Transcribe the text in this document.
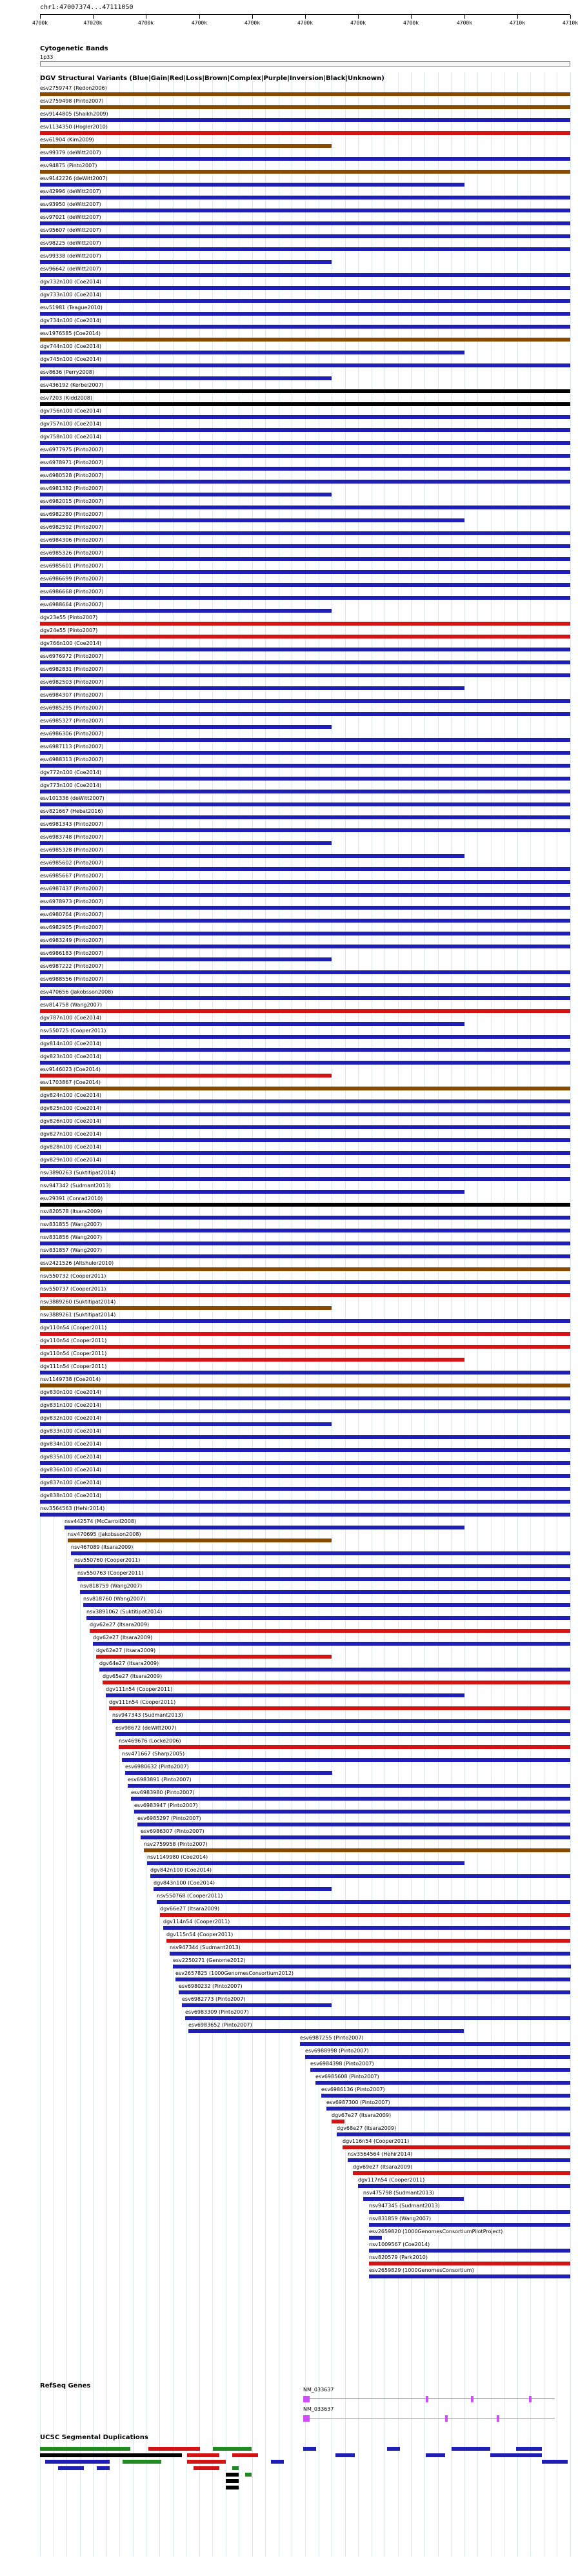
chr1:47007374...47111050
4700k	47020k	4700k	4700k	4700k	4700k	4700k	4700k	4700k	4710k	4710k
Cytogenetic Bands
1p33
DGV Structural Variants (Blue|Gain|Red|Loss|Brown|Complex|Purple|Inversion|Black|Unknown)
esv2759747 (Redon2006)
esv2759498 (Pinto2007)
esv9144805 (Shaikh2009)
esv1134350 (Hogler2010)
esv61904 (Kim2009)
esv99379 (deWitt2007)
esv94875 (Pinto2007)
esv9142226 (deWitt2007)
esv42996 (deWitt2007)
esv93950 (deWitt2007)
esv97021 (deWitt2007)
esv95607 (deWitt2007)
esv98225 (deWitt2007)
esv99338 (deWitt2007)
esv96642 (deWitt2007)
dgv732n100 (Coe2014)
dgv733n100 (Coe2014)
esv51981 (Teague2010)
dgv734n100 (Coe2014)
esv1976585 (Coe2014)
dgv744n100 (Coe2014)
dgv745n100 (Coe2014)
esv8636 (Perry2008)
esv436192 (Kerbel2007)
esv7203 (Kidd2008)
dgv756n100 (Coe2014)
dgv757n100 (Coe2014)
dgv758n100 (Coe2014)
esv6977975 (Pinto2007)
esv6978971 (Pinto2007)
esv6980528 (Pinto2007)
esv6981382 (Pinto2007)
esv6982015 (Pinto2007)
esv6982280 (Pinto2007)
esv6982592 (Pinto2007)
esv6984306 (Pinto2007)
esv6985326 (Pinto2007)
esv6985601 (Pinto2007)
esv6986699 (Pinto2007)
esv6986668 (Pinto2007)
esv6988664 (Pinto2007)
dgv23e55 (Pinto2007)
dgv24e55 (Pinto2007)
dgv766n100 (Coe2014)
esv6976972 (Pinto2007)
esv6982831 (Pinto2007)
esv6982503 (Pinto2007)
esv6984307 (Pinto2007)
esv6985295 (Pinto2007)
esv6985327 (Pinto2007)
esv6986306 (Pinto2007)
esv6987113 (Pinto2007)
esv6988313 (Pinto2007)
dgv772n100 (Coe2014)
dgv773n100 (Coe2014)
esv101336 (deWitt2007)
esv821667 (Hebat2016)
esv6981343 (Pinto2007)
esv6983748 (Pinto2007)
esv6985328 (Pinto2007)
esv6985602 (Pinto2007)
esv6985667 (Pinto2007)
esv6987437 (Pinto2007)
esv6978973 (Pinto2007)
esv6980764 (Pinto2007)
esv6982905 (Pinto2007)
esv6983249 (Pinto2007)
esv6986183 (Pinto2007)
esv6987222 (Pinto2007)
esv6988556 (Pinto2007)
esv470656 (Jakobsson2008)
esv814758 (Wang2007)
dgv787n100 (Coe2014)
nsv550725 (Cooper2011)
dgv814n100 (Coe2014)
dgv823n100 (Coe2014)
esv9146023 (Coe2014)
esv1703867 (Coe2014)
dgv824n100 (Coe2014)
dgv825n100 (Coe2014)
dgv826n100 (Coe2014)
dgv827n100 (Coe2014)
dgv828n100 (Coe2014)
dgv829n100 (Coe2014)
nsv3890263 (Suktitipat2014)
nsv947342 (Sudmant2013)
esv29391 (Conrad2010)
nsv820578 (Itsara2009)
nsv831855 (Wang2007)
nsv831856 (Wang2007)
nsv831857 (Wang2007)
esv2421526 (Altshuler2010)
nsv550732 (Cooper2011)
nsv550737 (Cooper2011)
nsv3889260 (Suktitipat2014)
nsv3889261 (Suktitipat2014)
dgv110n54 (Cooper2011)
dgv110n54 (Cooper2011)
dgv110n54 (Cooper2011)
dgv111n54 (Cooper2011)
nsv1149738 (Coe2014)
dgv830n100 (Coe2014)
dgv831n100 (Coe2014)
dgv832n100 (Coe2014)
dgv833n100 (Coe2014)
dgv834n100 (Coe2014)
dgv835n100 (Coe2014)
dgv836n100 (Coe2014)
dgv837n100 (Coe2014)
dgv838n100 (Coe2014)
nsv3564563 (Hehir2014)
nsv442574 (McCarroll2008)
nsv470695 (Jakobsson2008)
nsv467089 (Itsara2009)
nsv550760 (Cooper2011)
nsv550763 (Cooper2011)
nsv818759 (Wang2007)
nsv818760 (Wang2007)
nsv3891062 (Suktitipat2014)
dgv62e27 (Itsara2009)
dgv62e27 (Itsara2009)
dgv62e27 (Itsara2009)
dgv64e27 (Itsara2009)
dgv65e27 (Itsara2009)
dgv111n54 (Cooper2011)
dgv111n54 (Cooper2011)
nsv947343 (Sudmant2013)
esv98672 (deWitt2007)
nsv469676 (Locke2006)
nsv471667 (Sharp2005)
esv6980632 (Pinto2007)
esv6983891 (Pinto2007)
esv6983980 (Pinto2007)
esv6983947 (Pinto2007)
esv6985297 (Pinto2007)
esv6986307 (Pinto2007)
nsv2759958 (Pinto2007)
nsv1149980 (Coe2014)
dgv842n100 (Coe2014)
dgv843n100 (Coe2014)
nsv550768 (Cooper2011)
dgv66e27 (Itsara2009)
dgv114n54 (Cooper2011)
dgv115n54 (Cooper2011)
nsv947344 (Sudmant2013)
esv2250271 (Genome2012)
esv2657825 (1000GenomesConsortium2012)
esv6980232 (Pinto2007)
esv6982773 (Pinto2007)
esv6983309 (Pinto2007)
esv6983652 (Pinto2007)
esv6987255 (Pinto2007)
esv6988998 (Pinto2007)
esv6984398 (Pinto2007)
esv6985608 (Pinto2007)
esv6986136 (Pinto2007)
esv6987300 (Pinto2007)
dgv67e27 (Itsara2009)
dgv68e27 (Itsara2009)
dgv116n54 (Cooper2011)
nsv3564564 (Hehir2014)
dgv69e27 (Itsara2009)
dgv117n54 (Cooper2011)
nsv475798 (Sudmant2013)
nsv947345 (Sudmant2013)
nsv831859 (Wang2007)
esv2659820 (1000GenomesConsortiumPilotProject)
nsv1009567 (Coe2014)
nsv820579 (Park2010)
esv2659829 (1000GenomesConsortium)
RefSeq Genes
NM_033637
NM_033637
UCSC Segmental Duplications
